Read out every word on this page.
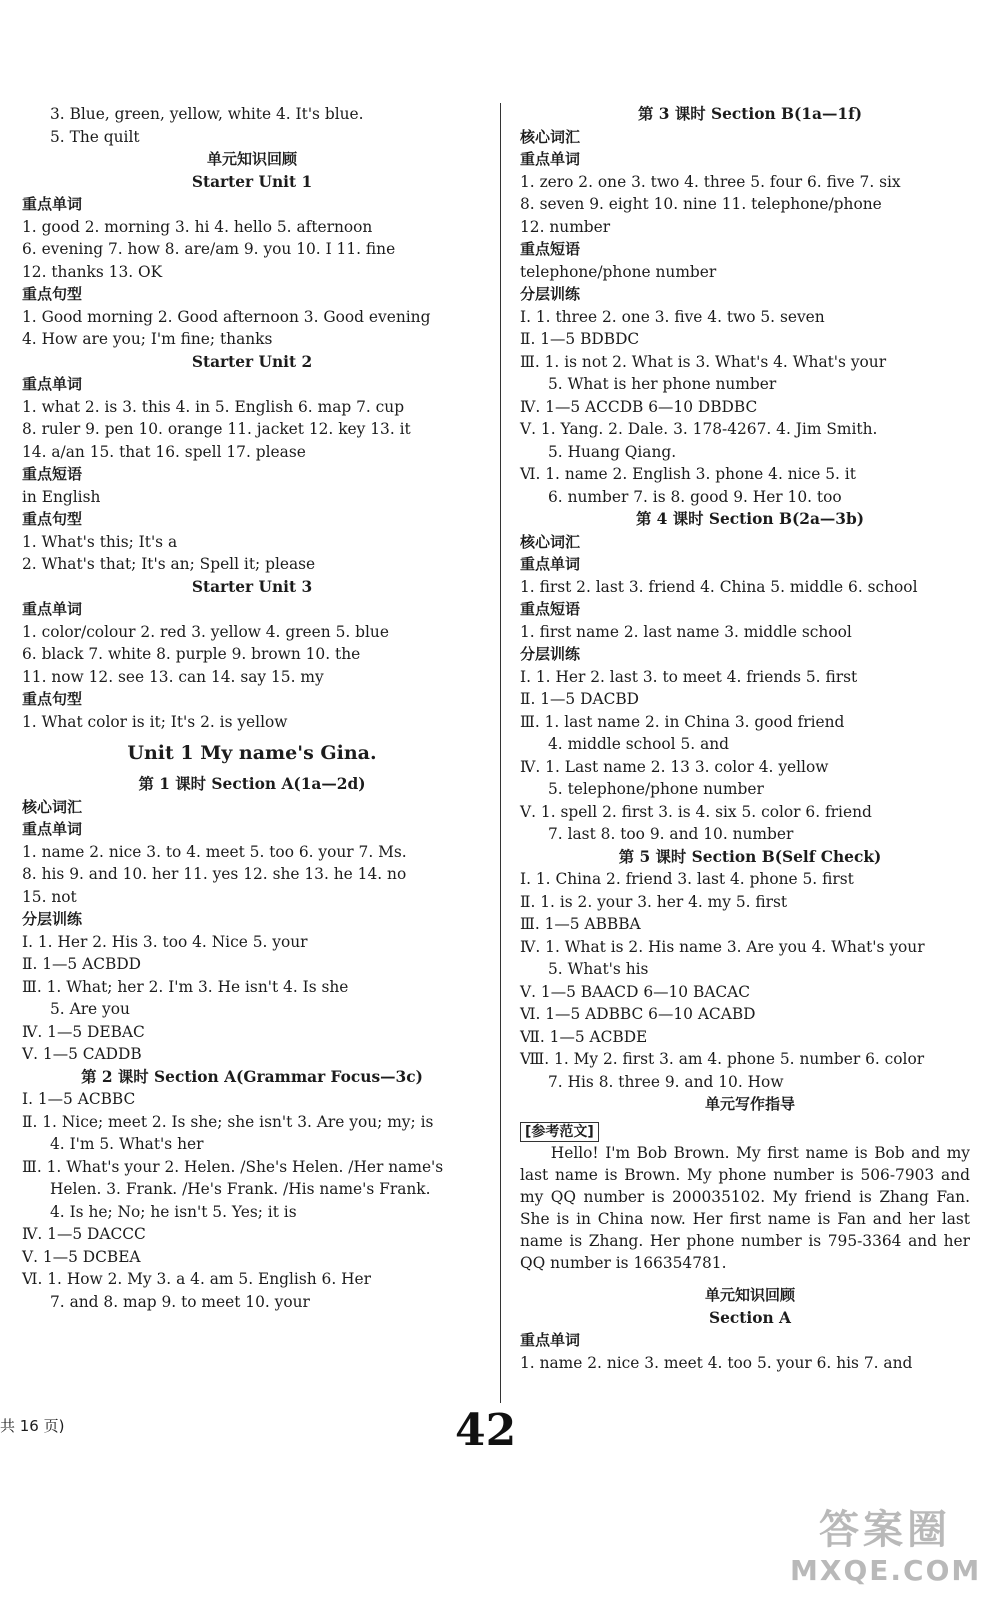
3. Blue, green, yellow, white 4. It's blue.
5. The quilt
单元知识回顾
Starter Unit 1
重点单词
1. good 2. morning 3. hi 4. hello 5. afternoon
6. evening 7. how 8. are/am 9. you 10. I 11. fine
12. thanks 13. OK
重点句型
1. Good morning 2. Good afternoon 3. Good evening
4. How are you; I'm fine; thanks
Starter Unit 2
重点单词
1. what 2. is 3. this 4. in 5. English 6. map 7. cup
8. ruler 9. pen 10. orange 11. jacket 12. key 13. it
14. a/an 15. that 16. spell 17. please
重点短语
in English
重点句型
1. What's this; It's a
2. What's that; It's an; Spell it; please
Starter Unit 3
重点单词
1. color/colour 2. red 3. yellow 4. green 5. blue
6. black 7. white 8. purple 9. brown 10. the
11. now 12. see 13. can 14. say 15. my
重点句型
1. What color is it; It's 2. is yellow
Unit 1 My name's Gina.
第 1 课时 Section A(1a—2d)
核心词汇
重点单词
1. name 2. nice 3. to 4. meet 5. too 6. your 7. Ms.
8. his 9. and 10. her 11. yes 12. she 13. he 14. no
15. not
分层训练
Ⅰ. 1. Her 2. His 3. too 4. Nice 5. your
Ⅱ. 1—5 ACBDD
Ⅲ. 1. What; her 2. I'm 3. He isn't 4. Is she
5. Are you
Ⅳ. 1—5 DEBAC
Ⅴ. 1—5 CADDB
第 2 课时 Section A(Grammar Focus—3c)
Ⅰ. 1—5 ACBBC
Ⅱ. 1. Nice; meet 2. Is she; she isn't 3. Are you; my; is
4. I'm 5. What's her
Ⅲ. 1. What's your 2. Helen. /She's Helen. /Her name's
Helen. 3. Frank. /He's Frank. /His name's Frank.
4. Is he; No; he isn't 5. Yes; it is
Ⅳ. 1—5 DACCC
Ⅴ. 1—5 DCBEA
Ⅵ. 1. How 2. My 3. a 4. am 5. English 6. Her
7. and 8. map 9. to meet 10. your
第 3 课时 Section B(1a—1f)
核心词汇
重点单词
1. zero 2. one 3. two 4. three 5. four 6. five 7. six
8. seven 9. eight 10. nine 11. telephone/phone
12. number
重点短语
telephone/phone number
分层训练
Ⅰ. 1. three 2. one 3. five 4. two 5. seven
Ⅱ. 1—5 BDBDC
Ⅲ. 1. is not 2. What is 3. What's 4. What's your
5. What is her phone number
Ⅳ. 1—5 ACCDB 6—10 DBDBC
Ⅴ. 1. Yang. 2. Dale. 3. 178-4267. 4. Jim Smith.
5. Huang Qiang.
Ⅵ. 1. name 2. English 3. phone 4. nice 5. it
6. number 7. is 8. good 9. Her 10. too
第 4 课时 Section B(2a—3b)
核心词汇
重点单词
1. first 2. last 3. friend 4. China 5. middle 6. school
重点短语
1. first name 2. last name 3. middle school
分层训练
Ⅰ. 1. Her 2. last 3. to meet 4. friends 5. first
Ⅱ. 1—5 DACBD
Ⅲ. 1. last name 2. in China 3. good friend
4. middle school 5. and
Ⅳ. 1. Last name 2. 13 3. color 4. yellow
5. telephone/phone number
Ⅴ. 1. spell 2. first 3. is 4. six 5. color 6. friend
7. last 8. too 9. and 10. number
第 5 课时 Section B(Self Check)
Ⅰ. 1. China 2. friend 3. last 4. phone 5. first
Ⅱ. 1. is 2. your 3. her 4. my 5. first
Ⅲ. 1—5 ABBBA
Ⅳ. 1. What is 2. His name 3. Are you 4. What's your
5. What's his
Ⅴ. 1—5 BAACD 6—10 BACAC
Ⅵ. 1—5 ADBBC 6—10 ACABD
Ⅶ. 1—5 ACBDE
Ⅷ. 1. My 2. first 3. am 4. phone 5. number 6. color
7. His 8. three 9. and 10. How
单元写作指导
[参考范文]
Hello! I'm Bob Brown. My first name is Bob and my last name is Brown. My phone number is 506-7903 and my QQ number is 200035102. My friend is Zhang Fan. She is in China now. Her first name is Fan and her last name is Zhang. Her phone number is 795-3364 and her QQ number is 166354781.
单元知识回顾
Section A
重点单词
1. name 2. nice 3. meet 4. too 5. your 6. his 7. and
共 16 页)	42
答案圈
MXQE.COM
